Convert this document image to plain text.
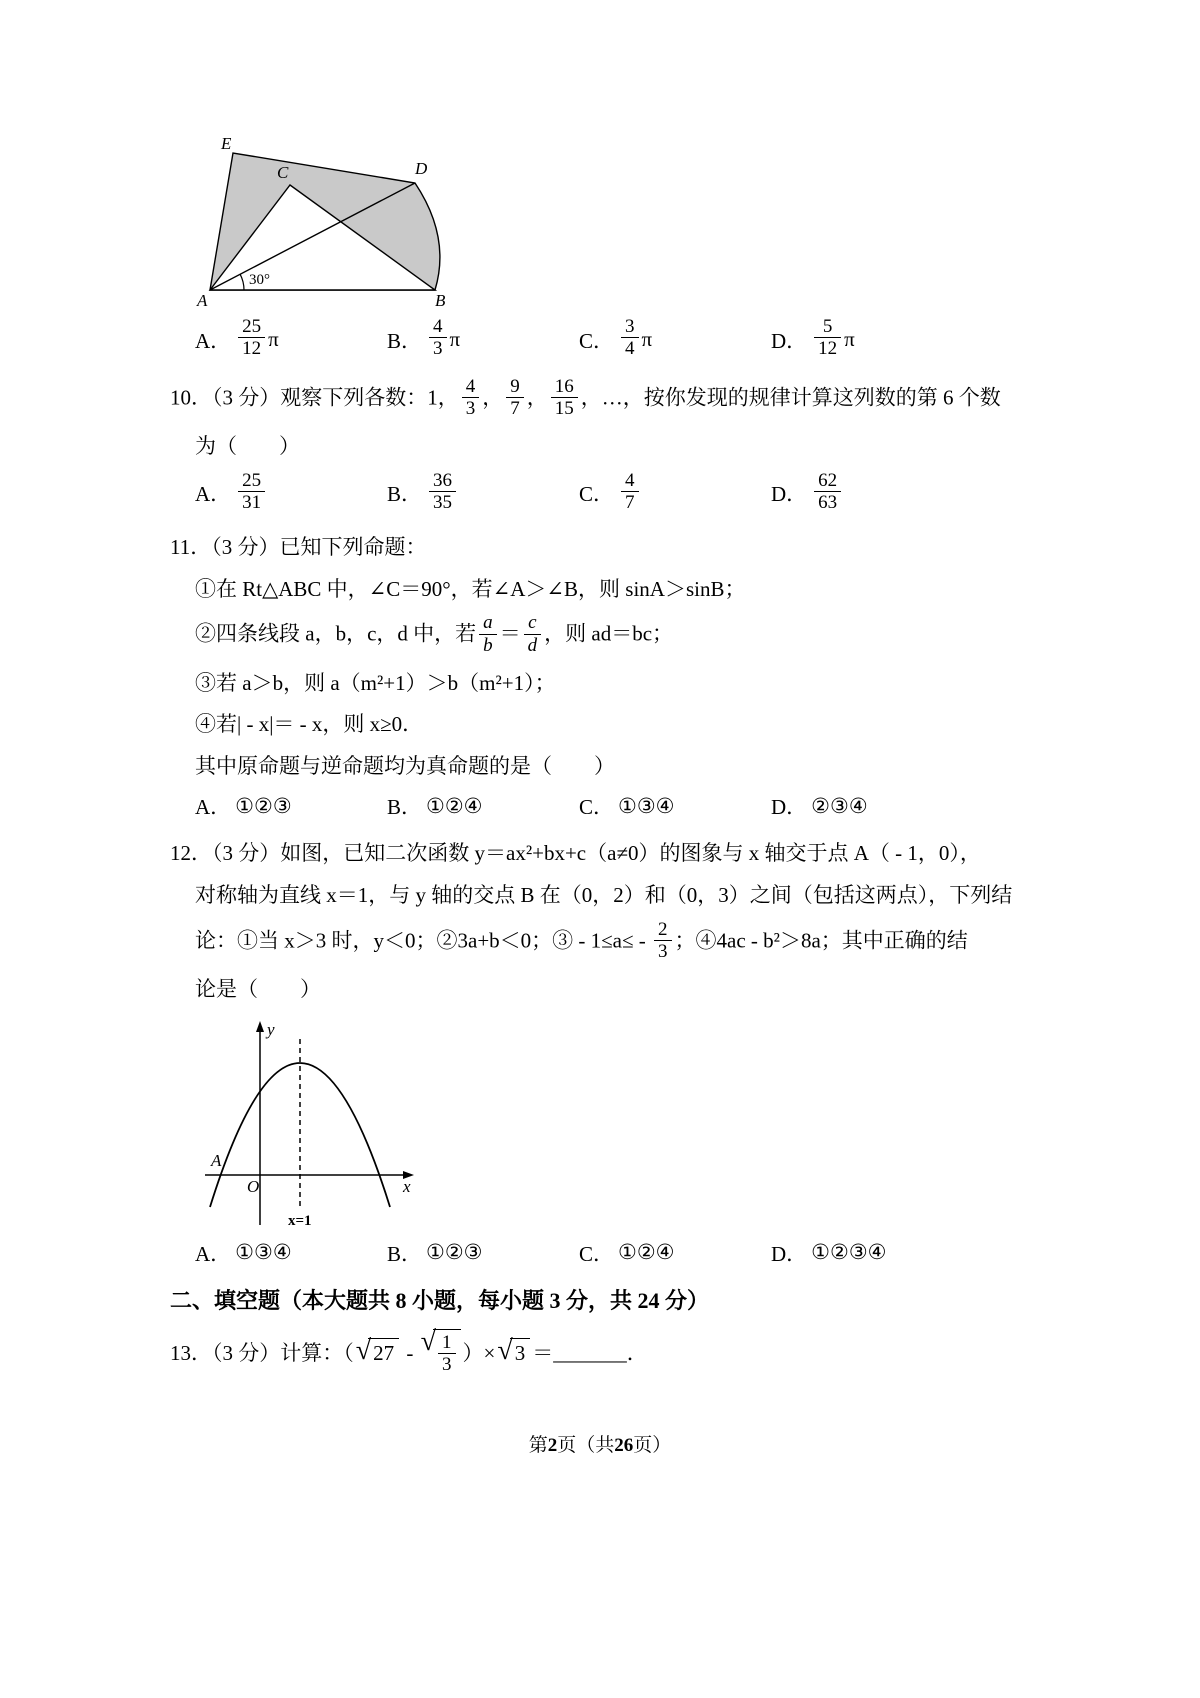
E
C	D
A	B
30°
A． $\frac{25}{12}$ π	B． $\frac{4}{3}$ π	C． $\frac{3}{4}$ π	D． $\frac{5}{12}$ π
10．（3 分）观察下列各数：1， $\frac{4}{3}$ ， $\frac{9}{7}$ ， $\frac{16}{15}$ ，…，按你发现的规律计算这列数的第 6 个数
为（　　）
A． $\frac{25}{31}$	B． $\frac{36}{35}$	C． $\frac{4}{7}$	D． $\frac{62}{63}$
11．（3 分）已知下列命题：
①在 Rt△ABC 中，∠C＝90°，若∠A＞∠B，则 sinA＞sinB；
②四条线段 a，b，c，d 中，若 $\frac{a}{b} = \frac{c}{d}$ ，则 ad＝bc；
③若 a＞b，则 a（m²+1）＞b（m²+1）；
④若| - x|＝ - x，则 x≥0．
其中原命题与逆命题均为真命题的是（　　）
A． ①②③	B． ①②④	C． ①③④	D． ②③④
12．（3 分）如图，已知二次函数 y＝ax²+bx+c（a≠0）的图象与 x 轴交于点 A（ - 1，0），
对称轴为直线 x＝1，与 y 轴的交点 B 在（0，2）和（0，3）之间（包括这两点），下列结
论：①当 x＞3 时，y＜0；②3a+b＜0；③ - $1\le a\le - \frac{2}{3}$ ；④4ac - b²＞8a；其中正确的结
论是（　　）
y
x
O
A
x=1
A． ①③④	B． ①②③	C． ①②④	D． ①②③④
二、填空题（本大题共 8 小题，每小题 3 分，共 24 分）
13．（3 分）计算：（ √ 27 - √ $\frac{1}{3}$ ）× √ 3 ＝_______．
第2页（共26页）
